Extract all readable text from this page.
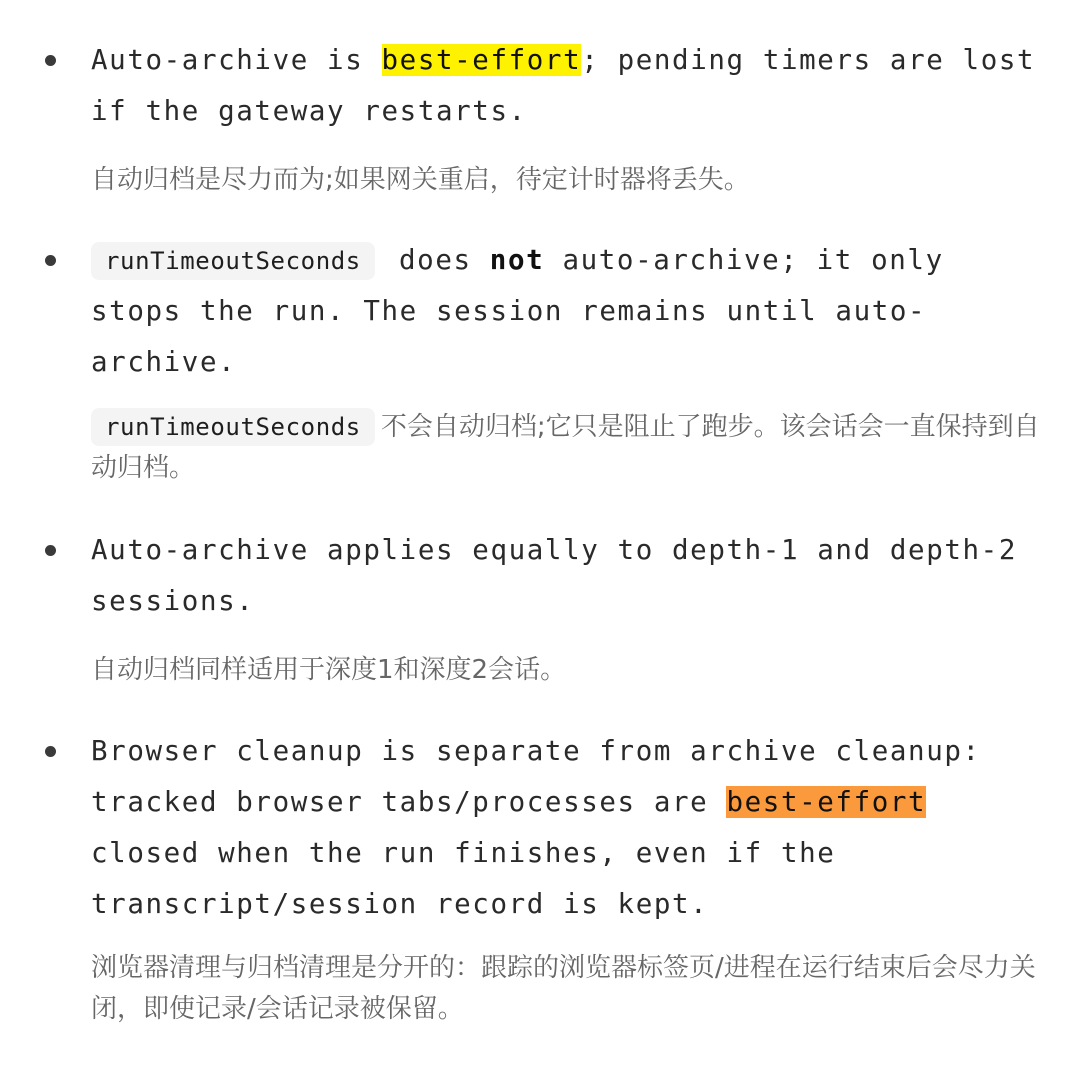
Auto-archive is best-effort; pending timers are lost
if the gateway restarts.

自动归档是尽力而为;如果网关重启，待定计时器将丢失。

runTimeoutSeconds does not auto-archive; it only
stops the run. The session remains until auto-
archive.

runTimeoutSeconds 不会自动归档;它只是阻止了跑步。该会话会一直保持到自动归档。

Auto-archive applies equally to depth-1 and depth-2
sessions.

自动归档同样适用于深度1和深度2会话。

Browser cleanup is separate from archive cleanup:
tracked browser tabs/processes are best-effort
closed when the run finishes, even if the
transcript/session record is kept.

浏览器清理与归档清理是分开的：跟踪的浏览器标签页/进程在运行结束后会尽力关闭，即使记录/会话记录被保留。
